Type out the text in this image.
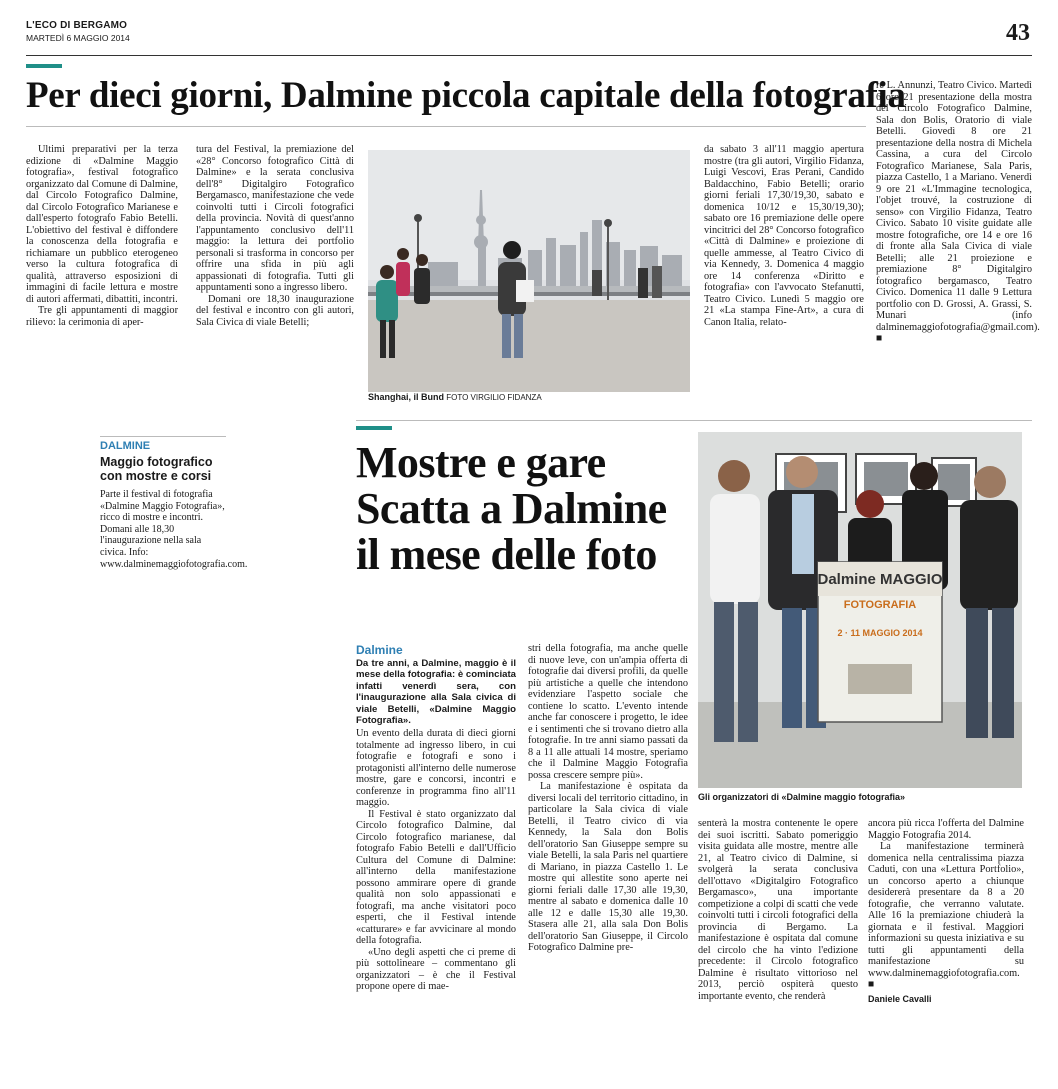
L'ECO DI BERGAMO
MARTEDÌ 6 MAGGIO 2014	43
Per dieci giorni, Dalmine piccola capitale della fotografia

Ultimi preparativi per la terza edizione di «Dalmine Maggio fotografia», festival fotografico organizzato dal Comune di Dalmine, dal Circolo Fotografico Dalmine, dal Circolo Fotografico Marianese e dall'esperto fotografo Fabio Betelli. L'obiettivo del festival è diffondere la conoscenza della fotografia e richiamare un pubblico eterogeneo verso la cultura fotografica di qualità, attraverso esposizioni di immagini di facile lettura e mostre di autori affermati, dibattiti, incontri.

Tre gli appuntamenti di maggior rilievo: la cerimonia di aper-

tura del Festival, la premiazione del «28° Concorso fotografico Città di Dalmine» e la serata conclusiva dell'8° Digitalgiro Fotografico Bergamasco, manifestazione che vede coinvolti tutti i Circoli fotografici della provincia. Novità di quest'anno l'appuntamento conclusivo dell'11 maggio: la lettura dei portfolio personali si trasforma in concorso per offrire una sfida in più agli appassionati di fotografia. Tutti gli appuntamenti sono a ingresso libero.

Domani ore 18,30 inaugurazione del festival e incontro con gli autori, Sala Civica di viale Betelli;

Shanghai, il Bund FOTO VIRGILIO FIDANZA

da sabato 3 all'11 maggio apertura mostre (tra gli autori, Virgilio Fidanza, Luigi Vescovi, Eras Perani, Candido Baldacchino, Fabio Betelli; orario giorni feriali 17,30/19,30, sabato e domenica 10/12 e 15,30/19,30); sabato ore 16 premiazione delle opere vincitrici del 28° Concorso fotografico «Città di Dalmine» e proiezione di quelle ammesse, al Teatro Civico di via Kennedy, 3. Domenica 4 maggio ore 14 conferenza «Diritto e fotografia» con l'avvocato Stefanutti, Teatro Civico. Lunedì 5 maggio ore 21 «La stampa Fine-Art», a cura di Canon Italia, relato-

re L. Annunzi, Teatro Civico. Martedì 6 ore 21 presentazione della mostra del Circolo Fotografico Dalmine, Sala don Bolis, Oratorio di viale Betelli. Giovedì 8 ore 21 presentazione della nostra di Michela Cassina, a cura del Circolo Fotografico Marianese, Sala Paris, piazza Castello, 1 a Mariano. Venerdì 9 ore 21 «L'Immagine tecnologica, l'objet trouvé, la costruzione di senso» con Virgilio Fidanza, Teatro Civico. Sabato 10 visite guidate alle mostre fotografiche, ore 14 e ore 16 di fronte alla Sala Civica di viale Betelli; alle 21 proiezione e premiazione 8° Digitalgiro fotografico bergamasco, Teatro Civico. Domenica 11 dalle 9 Lettura portfolio con D. Grossi, A. Grassi, S. Munari (info dalminemaggiofotografia@gmail.com). ■

DALMINE
Maggio fotografico con mostre e corsi
Parte il festival di fotografia «Dalmine Maggio Fotografia», ricco di mostre e incontri. Domani alle 18,30 l'inaugurazione nella sala civica. Info: www.dalminemaggiofotografia.com.
Mostre e gare
Scatta a Dalmine
il mese delle foto
Dalmine MAGGIO
FOTOGRAFIA
2 · 11 MAGGIO 2014
Gli organizzatori di «Dalmine maggio fotografia»
Dalmine
Da tre anni, a Dalmine, maggio è il mese della fotografia: è cominciata infatti venerdì sera, con l'inaugurazione alla Sala civica di viale Betelli, «Dalmine Maggio Fotografia».

Un evento della durata di dieci giorni totalmente ad ingresso libero, in cui fotografie e fotografi e sono i protagonisti all'interno delle numerose mostre, gare e concorsi, incontri e conferenze in programma fino all'11 maggio.

Il Festival è stato organizzato dal Circolo fotografico Dalmine, dal Circolo fotografico marianese, dal fotografo Fabio Betelli e dall'Ufficio Cultura del Comune di Dalmine: all'interno della manifestazione possono ammirare opere di grande qualità non solo appassionati e fotografi, ma anche visitatori poco esperti, che il Festival intende «catturare» e far avvicinare al mondo della fotografia.

«Uno degli aspetti che ci preme di più sottolineare – commentano gli organizzatori – è che il Festival propone opere di mae-

stri della fotografia, ma anche quelle di nuove leve, con un'ampia offerta di fotografie dai diversi profili, da quelle più artistiche a quelle che intendono evidenziare l'aspetto sociale che contiene lo scatto. L'evento intende anche far conoscere i progetto, le idee e i sentimenti che si trovano dietro alla fotografie. In tre anni siamo passati da 8 a 11 alle attuali 14 mostre, speriamo che il Dalmine Maggio Fotografia possa crescere sempre più».

La manifestazione è ospitata da diversi locali del territorio cittadino, in particolare la Sala civica di viale Betelli, il Teatro civico di via Kennedy, la Sala don Bolis dell'oratorio San Giuseppe sempre su viale Betelli, la sala Paris nel quartiere di Mariano, in piazza Castello 1. Le mostre qui allestite sono aperte nei giorni feriali dalle 17,30 alle 19,30, mentre al sabato e domenica dalle 10 alle 12 e dalle 15,30 alle 19,30. Stasera alle 21, alla sala Don Bolis dell'oratorio San Giuseppe, il Circolo Fotografico Dalmine pre-

senterà la mostra contenente le opere dei suoi iscritti. Sabato pomeriggio visita guidata alle mostre, mentre alle 21, al Teatro civico di Dalmine, si svolgerà la serata conclusiva dell'ottavo «Digitalgiro Fotografico Bergamasco», una importante competizione a colpi di scatti che vede coinvolti tutti i circoli fotografici della provincia di Bergamo. La manifestazione è ospitata dal comune del circolo che ha vinto l'edizione precedente: il Circolo fotografico Dalmine è risultato vittorioso nel 2013, perciò ospiterà questo importante evento, che renderà

ancora più ricca l'offerta del Dalmine Maggio Fotografia 2014.

La manifestazione terminerà domenica nella centralissima piazza Caduti, con una «Lettura Portfolio», un concorso aperto a chiunque desidererà presentare da 8 a 20 fotografie, che verranno valutate. Alle 16 la premiazione chiuderà la giornata e il festival. Maggiori informazioni su questa iniziativa e su tutti gli appuntamenti della manifestazione su www.dalminemaggiofotografia.com. ■

Daniele Cavalli
